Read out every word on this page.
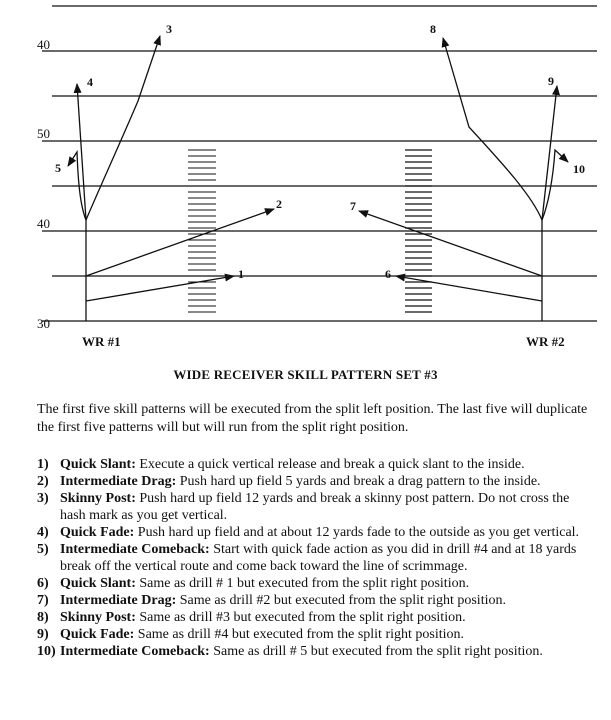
40
50
40
30
1
2
3
4
5
6
7
8
9
10
WR #1	WR #2
WIDE RECEIVER SKILL PATTERN SET #3
The first five skill patterns will be executed from the split left position. The last five will duplicate the first five patterns will but will run from the split right position.
1) Quick Slant: Execute a quick vertical release and break a quick slant to the inside.
2) Intermediate Drag: Push hard up field 5 yards and break a drag pattern to the inside.
3) Skinny Post: Push hard up field 12 yards and break a skinny post pattern. Do not cross the hash mark as you get vertical.
4) Quick Fade: Push hard up field and at about 12 yards fade to the outside as you get vertical.
5) Intermediate Comeback: Start with quick fade action as you did in drill #4 and at 18 yards break off the vertical route and come back toward the line of scrimmage.
6) Quick Slant: Same as drill # 1 but executed from the split right position.
7) Intermediate Drag: Same as drill #2 but executed from the split right position.
8) Skinny Post: Same as drill #3 but executed from the split right position.
9) Quick Fade: Same as drill #4 but executed from the split right position.
10) Intermediate Comeback: Same as drill # 5 but executed from the split right position.
